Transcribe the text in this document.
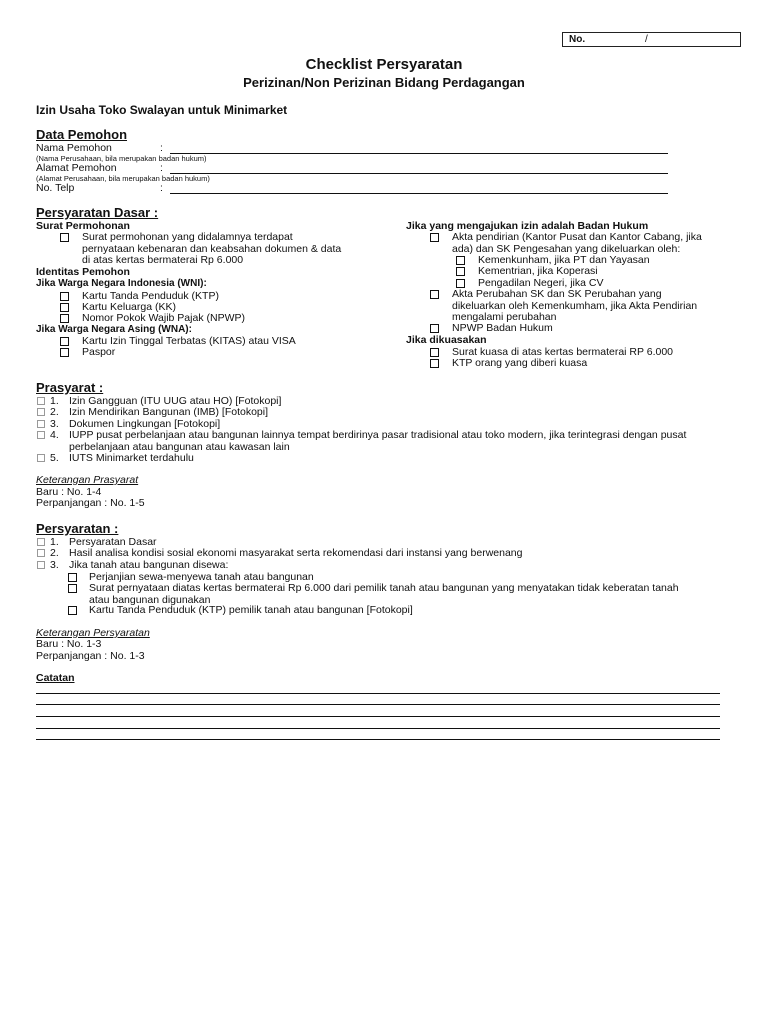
No.	/
Checklist Persyaratan
Perizinan/Non Perizinan Bidang Perdagangan
Izin Usaha Toko Swalayan untuk Minimarket
Data Pemohon
Nama Pemohon	:
(Nama Perusahaan, bila merupakan badan hukum)
Alamat Pemohon	:
(Alamat Perusahaan, bila merupakan badan hukum)
No. Telp	:
Persyaratan Dasar :
Surat Permohonan
Surat permohonan yang didalamnya terdapat
pernyataan kebenaran dan keabsahan dokumen & data
di atas kertas bermaterai Rp 6.000
Identitas Pemohon
Jika Warga Negara Indonesia (WNI):
Kartu Tanda Penduduk (KTP)
Kartu Keluarga (KK)
Nomor Pokok Wajib Pajak (NPWP)
Jika Warga Negara Asing (WNA):
Kartu Izin Tinggal Terbatas (KITAS) atau VISA
Paspor
Jika yang mengajukan izin adalah Badan Hukum
Akta pendirian (Kantor Pusat dan Kantor Cabang, jika
ada) dan SK Pengesahan yang dikeluarkan oleh:
Kemenkunham, jika PT dan Yayasan
Kementrian, jika Koperasi
Pengadilan Negeri, jika CV
Akta Perubahan SK dan SK Perubahan yang
dikeluarkan oleh Kemenkumham, jika Akta Pendirian
mengalami perubahan
NPWP Badan Hukum
Jika dikuasakan
Surat kuasa di atas kertas bermaterai RP 6.000
KTP orang yang diberi kuasa
Prasyarat :
1. Izin Gangguan (ITU UUG atau HO) [Fotokopi]
2. Izin Mendirikan Bangunan (IMB) [Fotokopi]
3. Dokumen Lingkungan [Fotokopi]
4. IUPP pusat perbelanjaan atau bangunan lainnya tempat berdirinya pasar tradisional atau toko modern, jika terintegrasi dengan pusat
perbelanjaan atau bangunan atau kawasan lain
5. IUTS Minimarket terdahulu
Keterangan Prasyarat
Baru : No. 1-4
Perpanjangan : No. 1-5
Persyaratan :
1. Persyaratan Dasar
2. Hasil analisa kondisi sosial ekonomi masyarakat serta rekomendasi dari instansi yang berwenang
3. Jika tanah atau bangunan disewa:
Perjanjian sewa-menyewa tanah atau bangunan
Surat pernyataan diatas kertas bermaterai Rp 6.000 dari pemilik tanah atau bangunan yang menyatakan tidak keberatan tanah
atau bangunan digunakan
Kartu Tanda Penduduk (KTP) pemilik tanah atau bangunan [Fotokopi]
Keterangan Persyaratan
Baru : No. 1-3
Perpanjangan : No. 1-3
Catatan
